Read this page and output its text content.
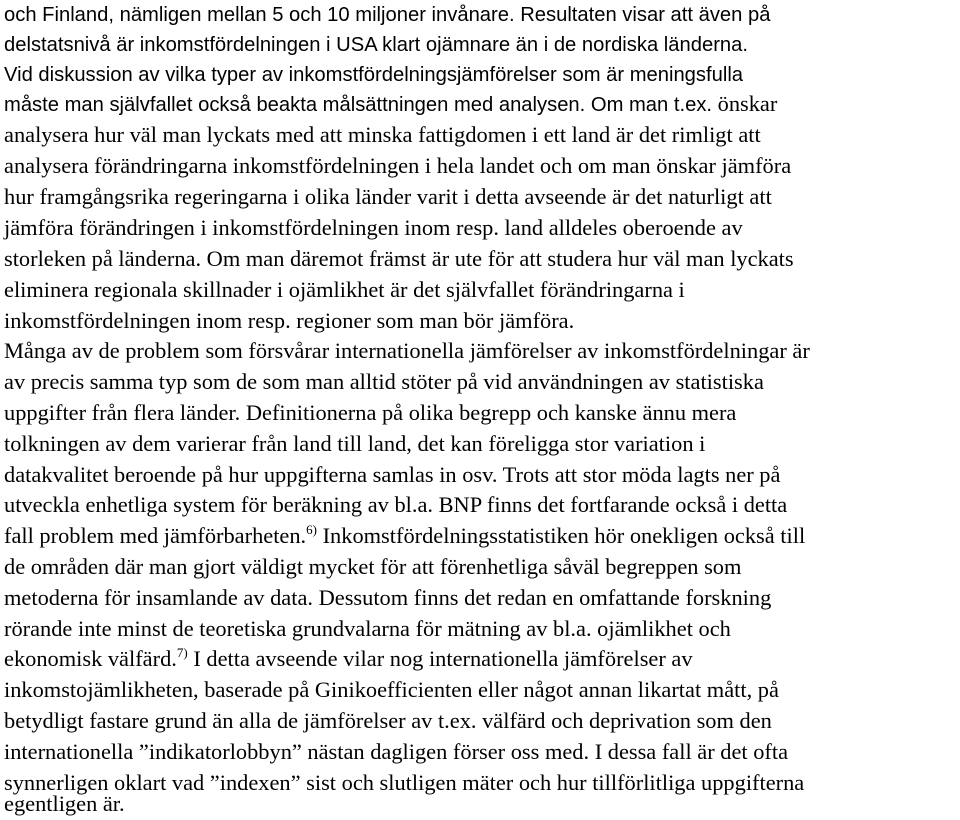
och Finland, nämligen mellan 5 och 10 miljoner invånare. Resultaten visar att även på
delstatsnivå är inkomstfördelningen i USA klart ojämnare än i de nordiska länderna.
Vid diskussion av vilka typer av inkomstfördelningsjämförelser som är meningsfulla
måste man självfallet också beakta målsättningen med analysen. Om man t.ex. önskar
analysera hur väl man lyckats med att minska fattigdomen i ett land är det rimligt att
analysera förändringarna inkomstfördelningen i hela landet och om man önskar jämföra
hur framgångsrika regeringarna i olika länder varit i detta avseende är det naturligt att
jämföra förändringen i inkomstfördelningen inom resp. land alldeles oberoende av
storleken på länderna. Om man däremot främst är ute för att studera hur väl man lyckats
eliminera regionala skillnader i ojämlikhet är det självfallet förändringarna i
inkomstfördelningen inom resp. regioner som man bör jämföra.
Många av de problem som försvårar internationella jämförelser av inkomstfördelningar är
av precis samma typ som de som man alltid stöter på vid användningen av statistiska
uppgifter från flera länder. Definitionerna på olika begrepp och kanske ännu mera
tolkningen av dem varierar från land till land, det kan föreligga stor variation i
datakvalitet beroende på hur uppgifterna samlas in osv. Trots att stor möda lagts ner på
utveckla enhetliga system för beräkning av bl.a. BNP finns det fortfarande också i detta
fall problem med jämförbarheten.$^{6)}$ Inkomstfördelningsstatistiken hör onekligen också till
de områden där man gjort väldigt mycket för att förenhetliga såväl begreppen som
metoderna för insamlande av data. Dessutom finns det redan en omfattande forskning
rörande inte minst de teoretiska grundvalarna för mätning av bl.a. ojämlikhet och
ekonomisk välfärd.$^{7)}$ I detta avseende vilar nog internationella jämförelser av
inkomstojämlikheten, baserade på Ginikoefficienten eller något annan likartat mått, på
betydligt fastare grund än alla de jämförelser av t.ex. välfärd och deprivation som den
internationella ”indikatorlobbyn” nästan dagligen förser oss med. I dessa fall är det ofta
synnerligen oklart vad ”indexen” sist och slutligen mäter och hur tillförlitliga uppgifterna
egentligen är.
